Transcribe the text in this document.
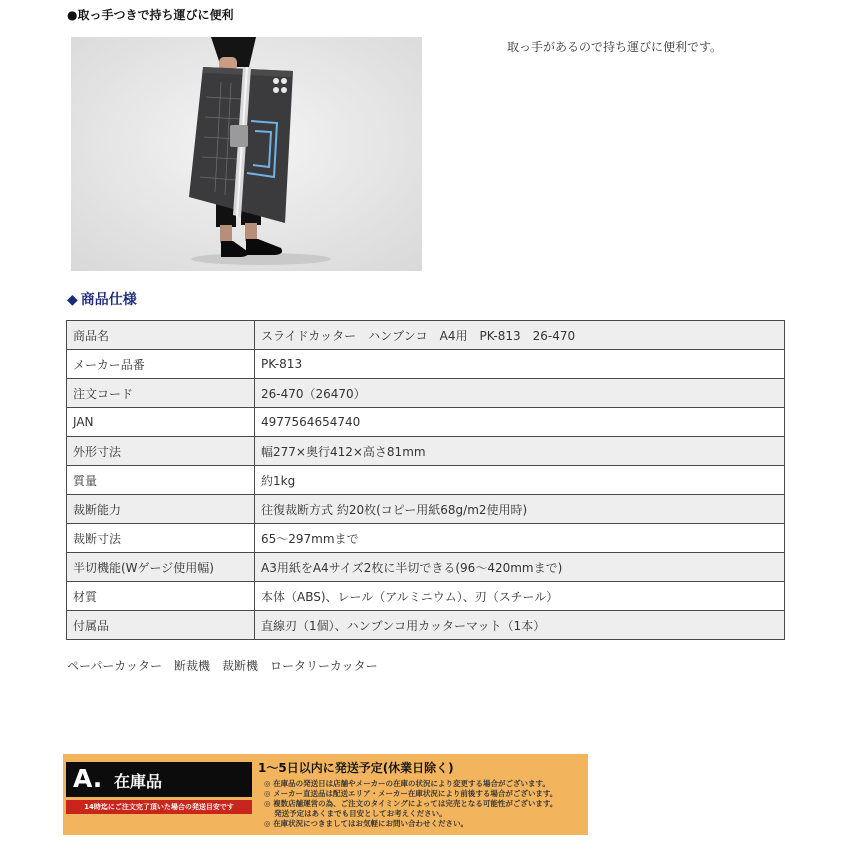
●取っ手つきで持ち運びに便利
取っ手があるので持ち運びに便利です。
◆ 商品仕様
商品名	スライドカッター　ハンブンコ　A4用　PK-813　26-470
メーカー品番	PK-813
注文コード	26-470（26470）
JAN	4977564654740
外形寸法	幅277×奥行412×高さ81mm
質量	約1kg
裁断能力	往復裁断方式 約20枚(コピー用紙68g/m2使用時)
裁断寸法	65～297mmまで
半切機能(Wゲージ使用幅)	A3用紙をA4サイズ2枚に半切できる(96～420mmまで)
材質	本体（ABS)、レール（アルミニウム）、刃（スチール）
付属品	直線刃（1個）、ハンブンコ用カッターマット（1本）
ペーパーカッター　断裁機　裁断機　ロータリーカッター
A. 在庫品
14時迄にご注文完了頂いた場合の発送目安です
1～5日以内に発送予定(休業日除く)
◎ 在庫品の発送日は店舗やメーカーの在庫の状況により変更する場合がございます。
◎ メーカー直送品は配送エリア・メーカー在庫状況により前後する場合がございます。
◎ 複数店舗運営の為、ご注文のタイミングによっては完売となる可能性がございます。
　 発送予定はあくまでも目安としてお考えください。
◎ 在庫状況につきましてはお気軽にお問い合わせください。
